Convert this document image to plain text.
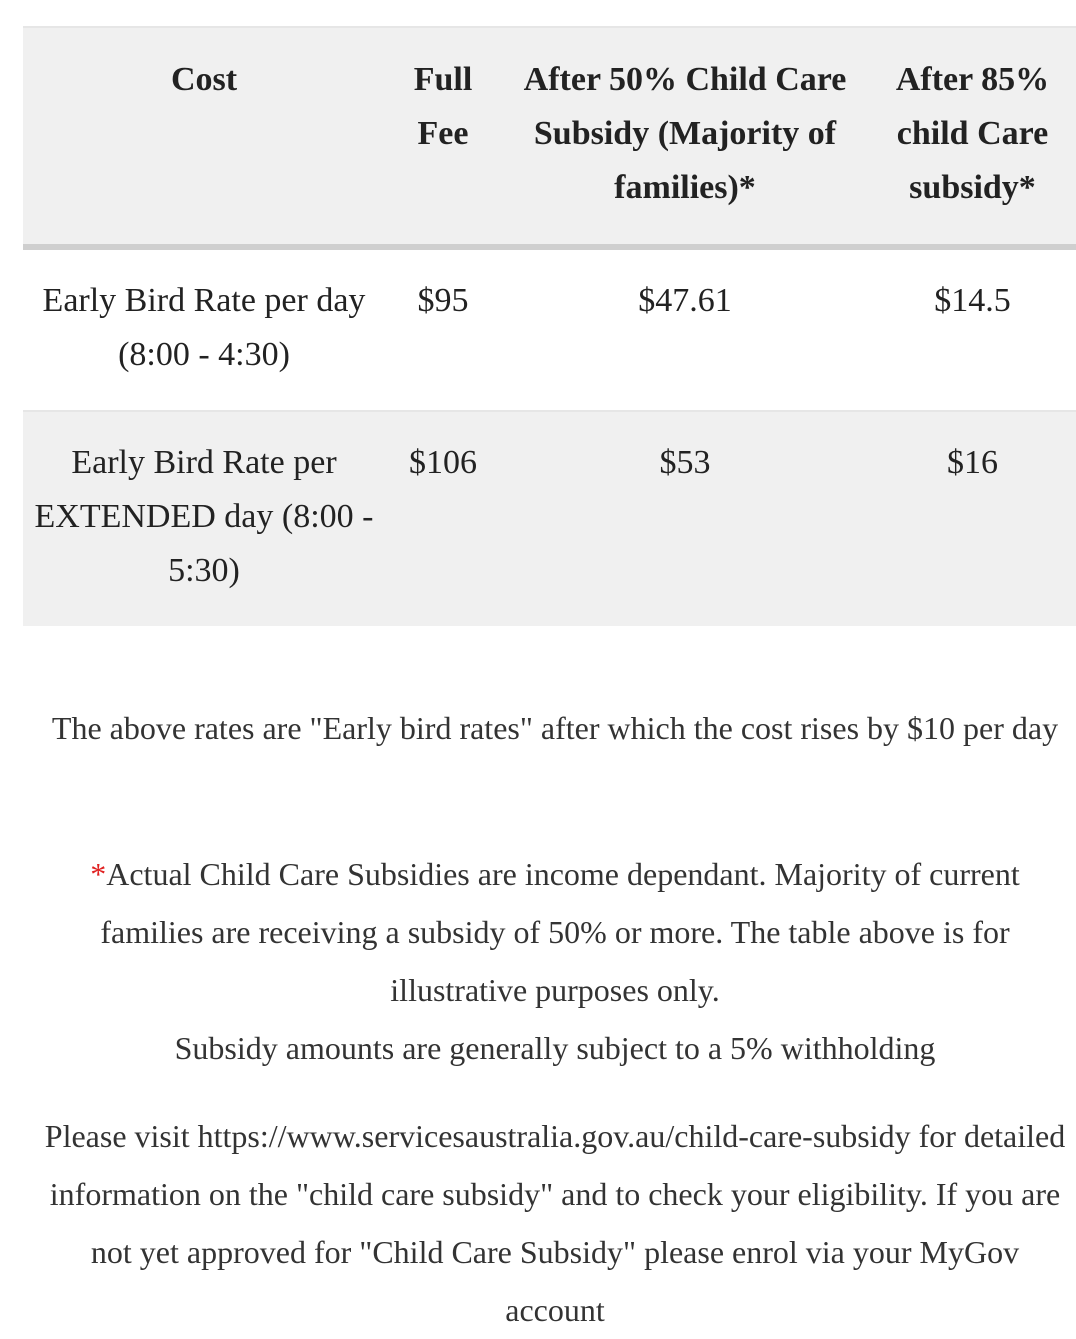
Cost	Full Fee	After 50% Child Care Subsidy (Majority of families)*	After 85% child Care subsidy*
Early Bird Rate per day (8:00 - 4:30)	$95	$47.61	$14.5
Early Bird Rate per EXTENDED day (8:00 - 5:30)	$106	$53	$16

The above rates are "Early bird rates" after which the cost rises by $10 per day

*Actual Child Care Subsidies are income dependant. Majority of current families are receiving a subsidy of 50% or more. The table above is for illustrative purposes only.
Subsidy amounts are generally subject to a 5% withholding

Please visit https://www.servicesaustralia.gov.au/child-care-subsidy for detailed information on the "child care subsidy" and to check your eligibility. If you are not yet approved for "Child Care Subsidy" please enrol via your MyGov account
